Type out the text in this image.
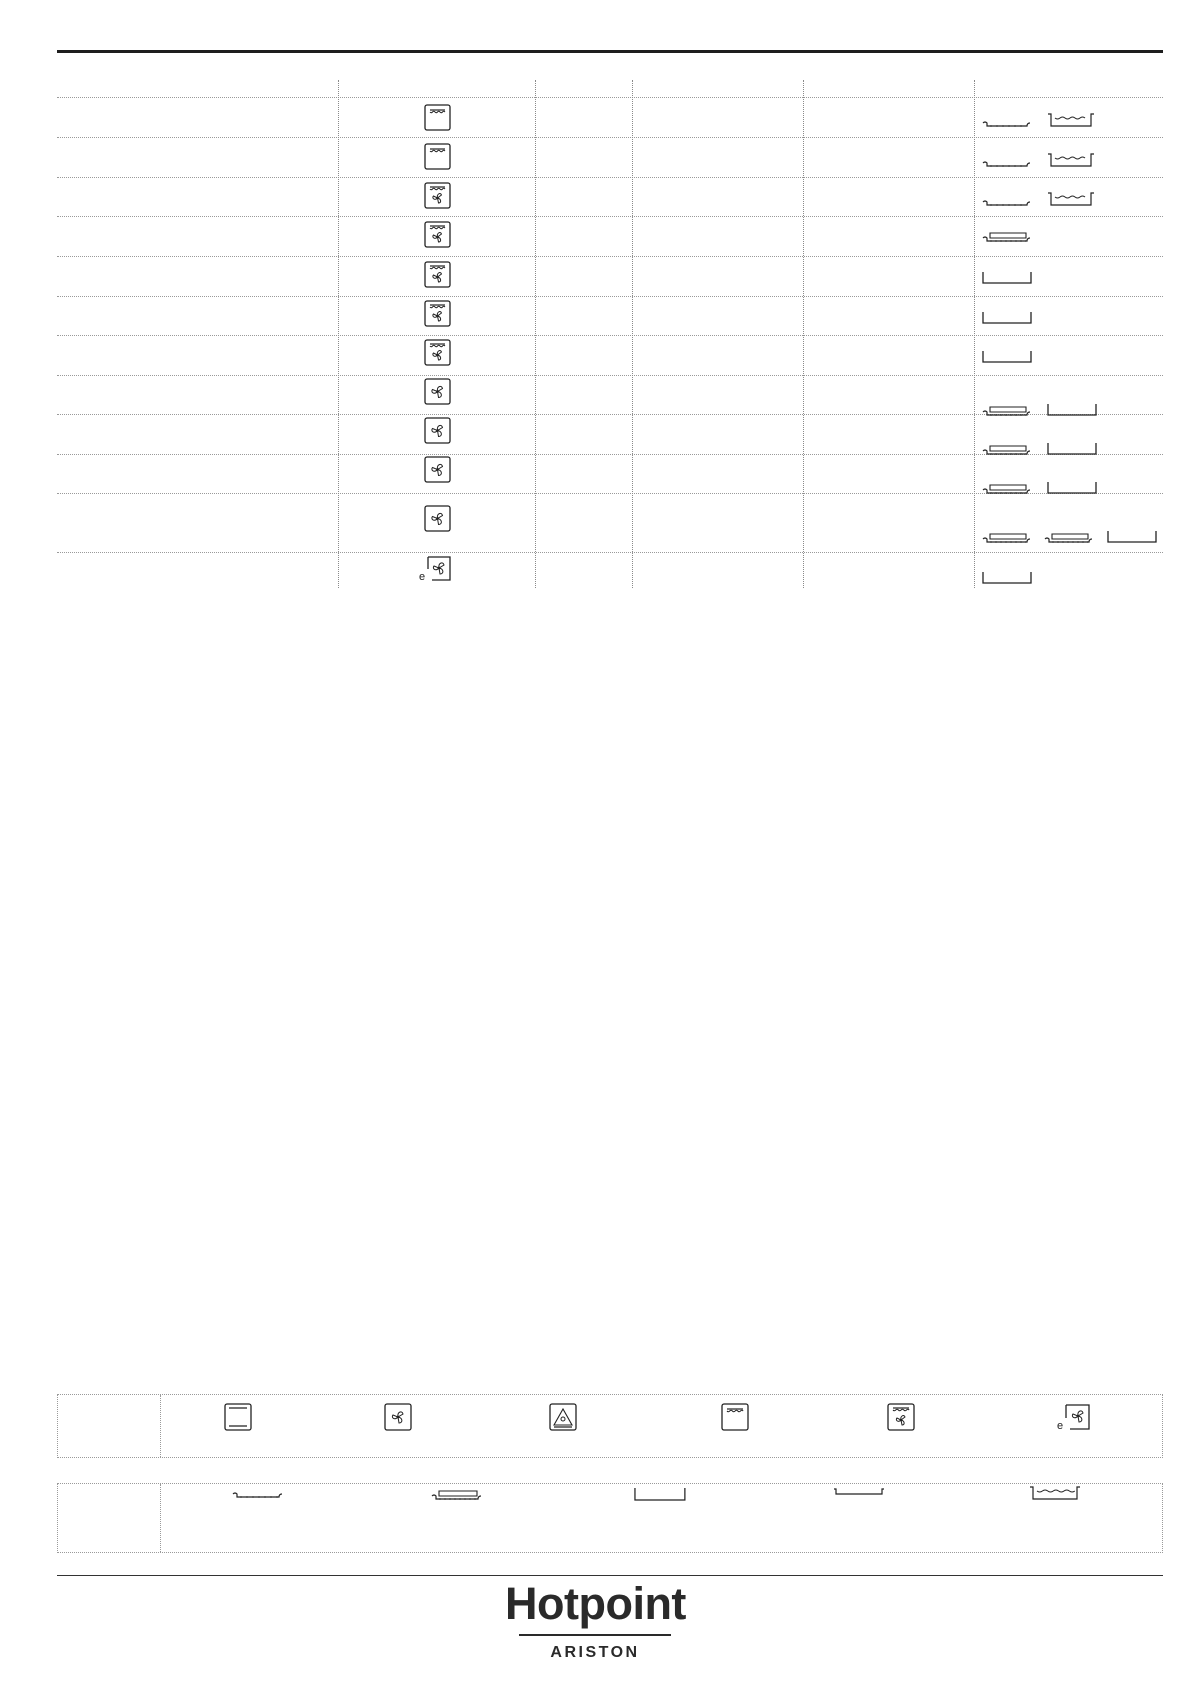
e
e
Hotpoint
ARISTON
